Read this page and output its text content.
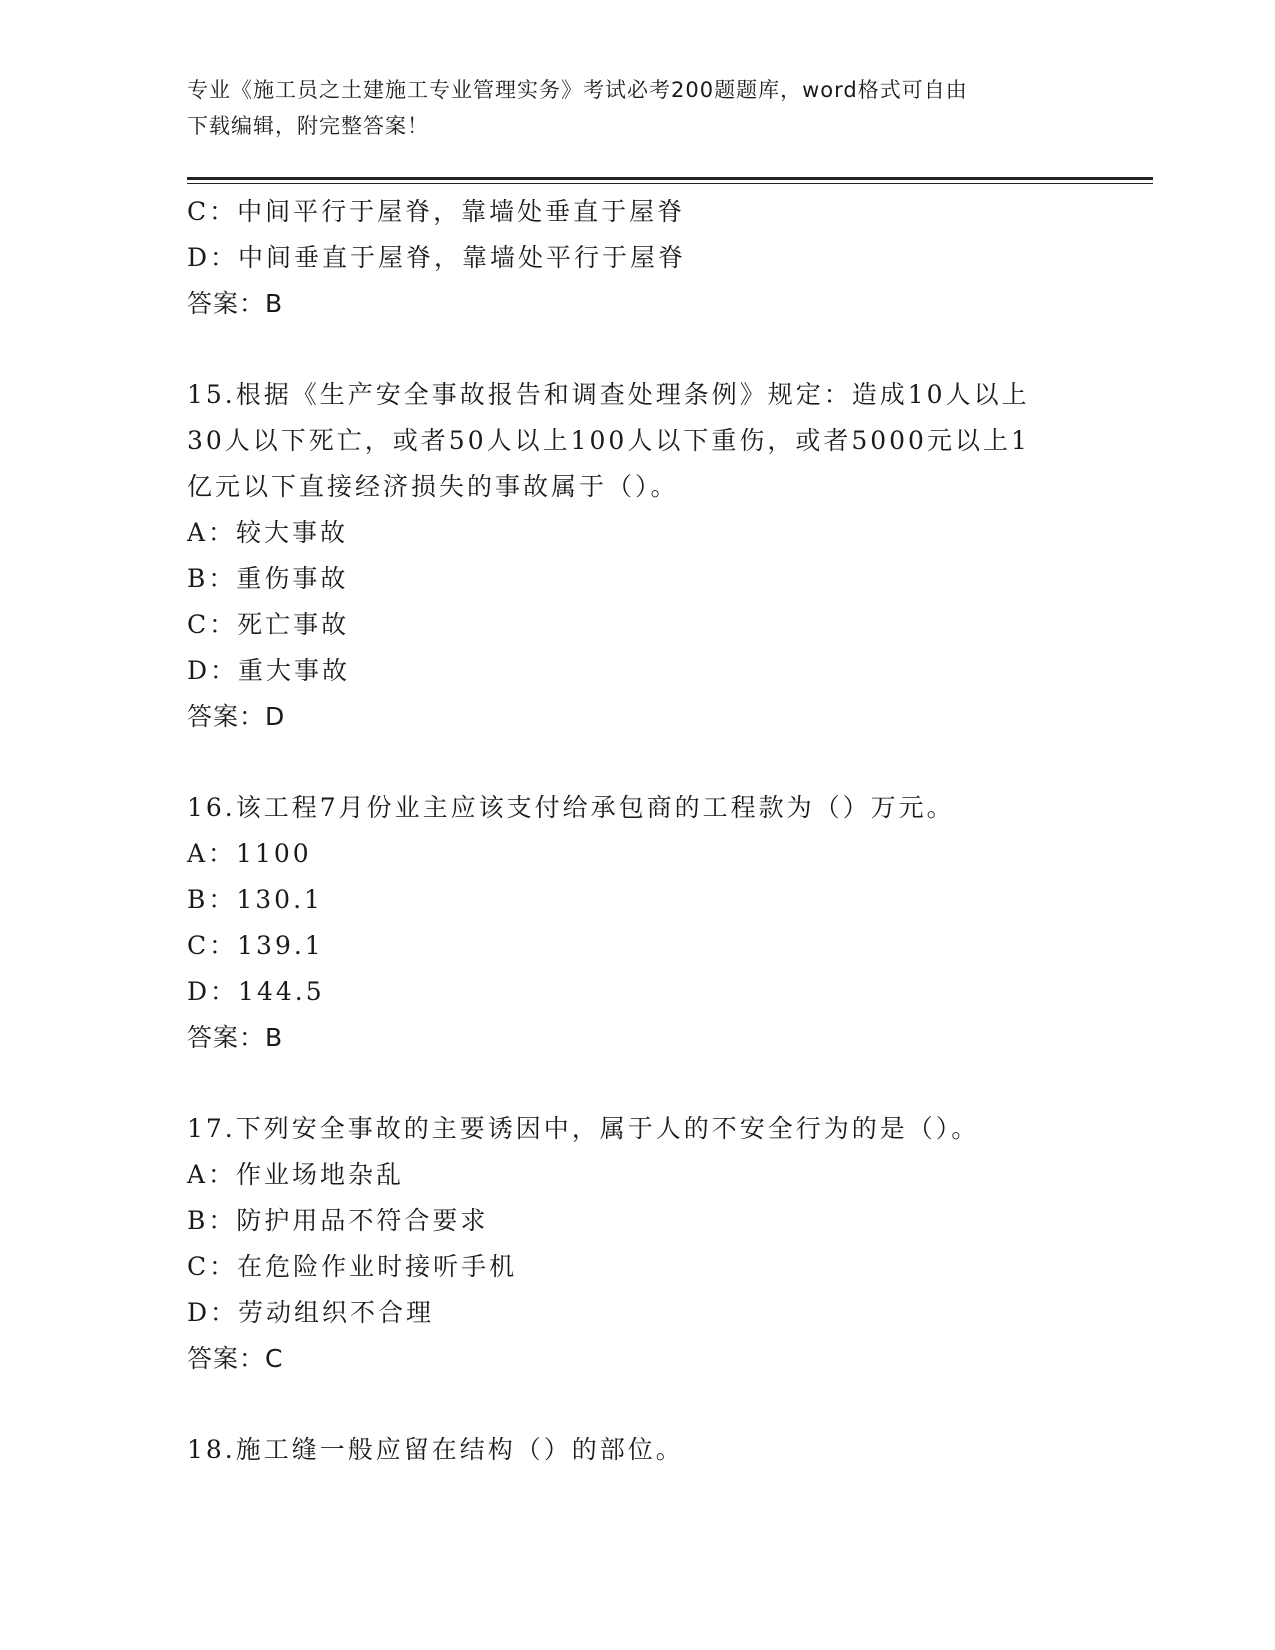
专业《施工员之土建施工专业管理实务》考试必考200题题库，word格式可自由
下载编辑，附完整答案！
C：中间平行于屋脊，靠墙处垂直于屋脊
D：中间垂直于屋脊，靠墙处平行于屋脊
答案：B
15.根据《生产安全事故报告和调查处理条例》规定：造成10人以上
30人以下死亡，或者50人以上100人以下重伤，或者5000元以上1
亿元以下直接经济损失的事故属于（）。
A：较大事故
B：重伤事故
C：死亡事故
D：重大事故
答案：D
16.该工程7月份业主应该支付给承包商的工程款为（）万元。
A：1100
B：130.1
C：139.1
D：144.5
答案：B
17.下列安全事故的主要诱因中，属于人的不安全行为的是（）。
A：作业场地杂乱
B：防护用品不符合要求
C：在危险作业时接听手机
D：劳动组织不合理
答案：C
18.施工缝一般应留在结构（）的部位。
